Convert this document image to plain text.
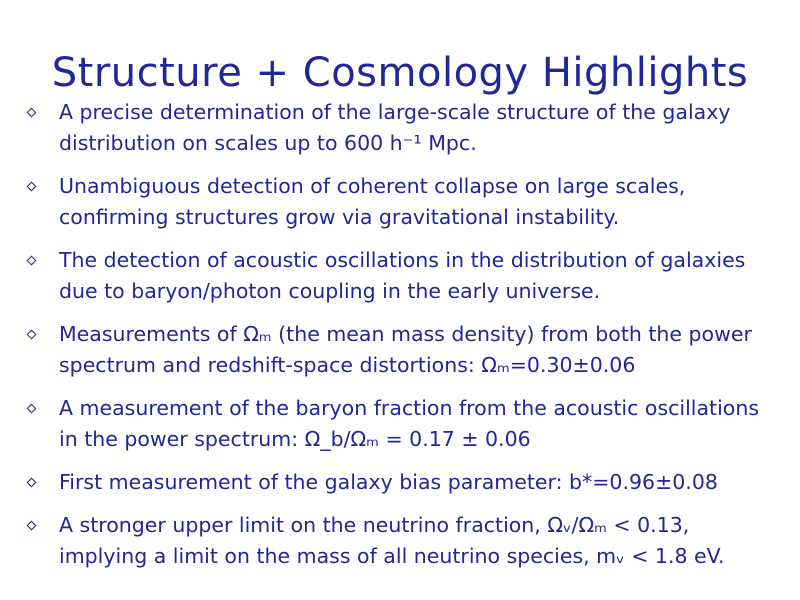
Structure + Cosmology Highlights
A precise determination of the large-scale structure of the galaxy distribution on scales up to 600 h⁻¹ Mpc.
Unambiguous detection of coherent collapse on large scales, confirming structures grow via gravitational instability.
The detection of acoustic oscillations in the distribution of galaxies due to baryon/photon coupling in the early universe.
Measurements of Ωₘ (the mean mass density) from both the power spectrum and redshift-space distortions: Ωₘ=0.30±0.06
A measurement of the baryon fraction from the acoustic oscillations in the power spectrum: Ω_b/Ωₘ = 0.17 ± 0.06
First measurement of the galaxy bias parameter: b*=0.96±0.08
A stronger upper limit on the neutrino fraction, Ωᵥ/Ωₘ < 0.13, implying a limit on the mass of all neutrino species, mᵥ < 1.8 eV.
